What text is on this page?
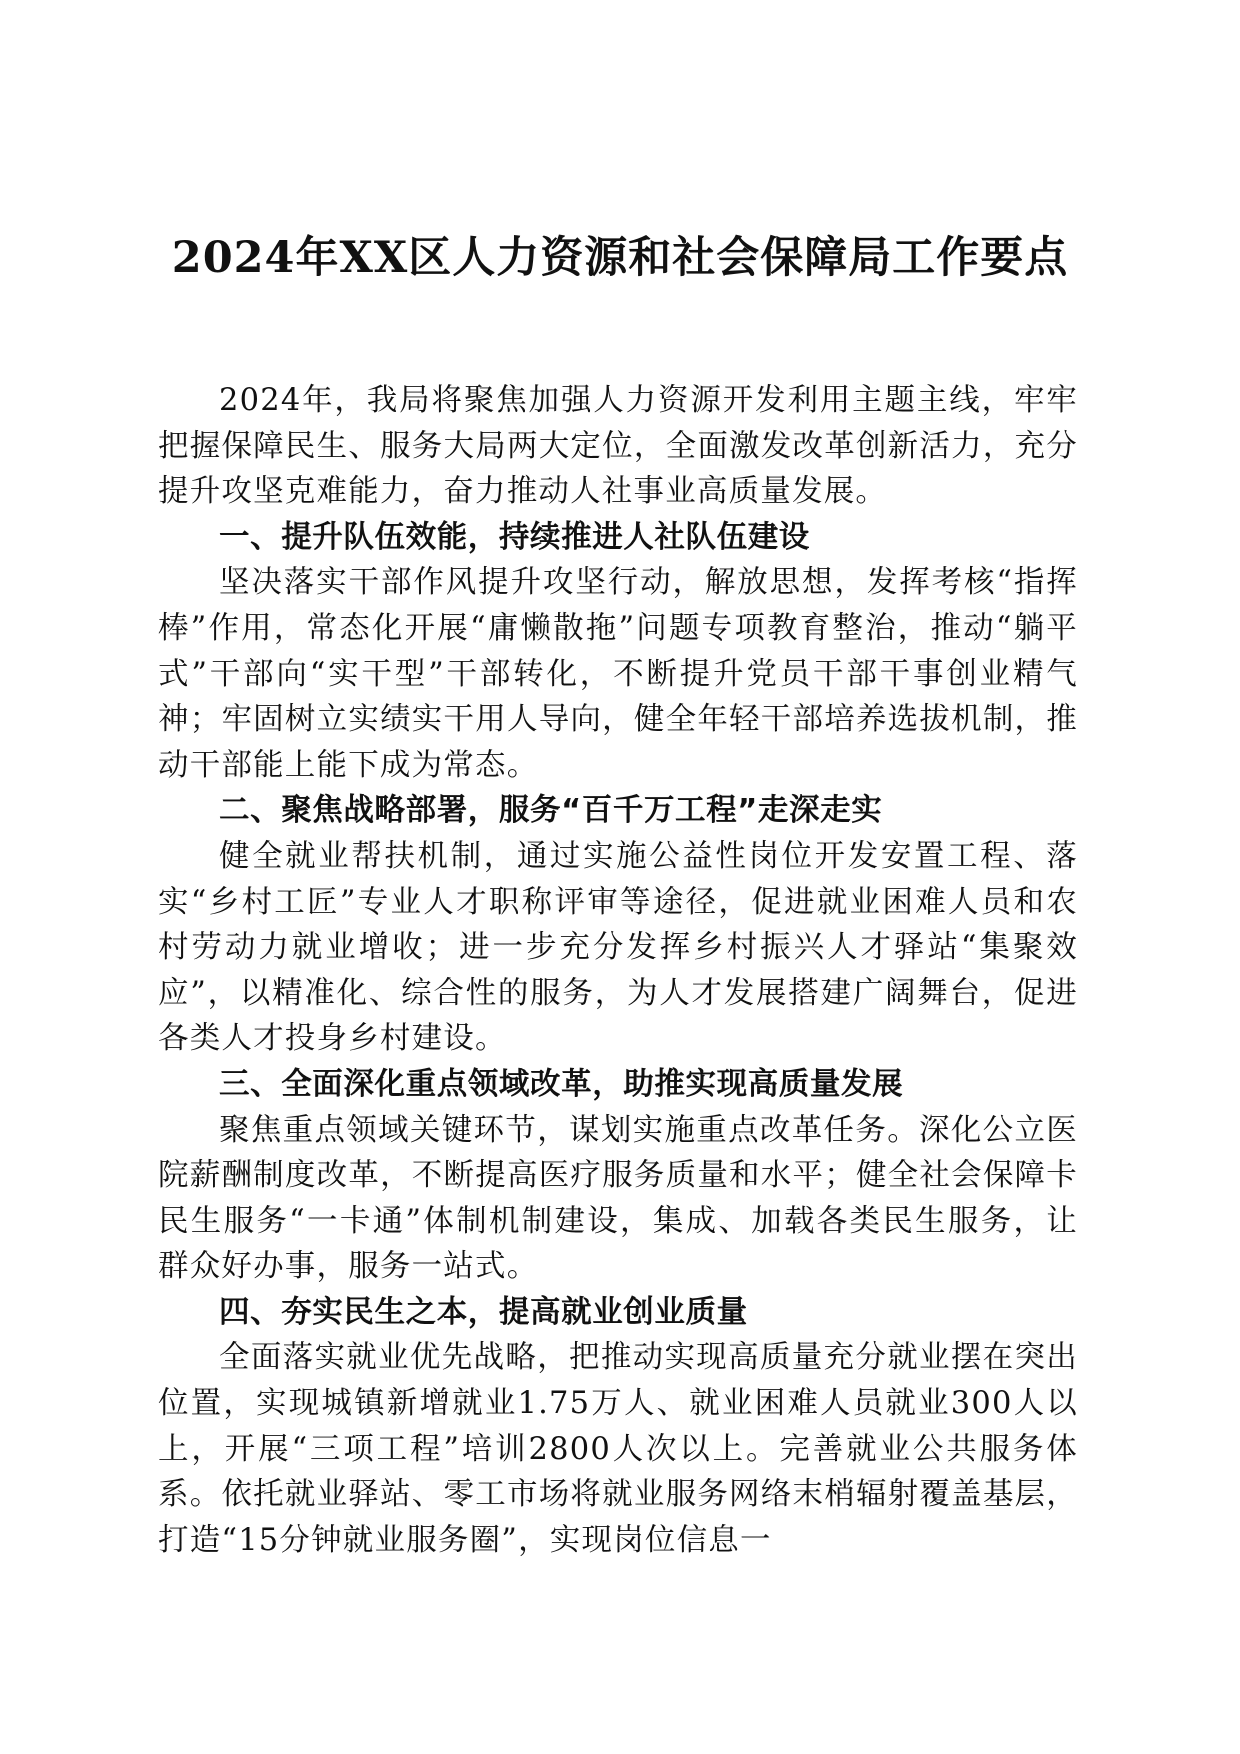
2024年XX区人力资源和社会保障局工作要点

2024年，我局将聚焦加强人力资源开发利用主题主线，牢牢把握保障民生、服务大局两大定位，全面激发改革创新活力，充分提升攻坚克难能力，奋力推动人社事业高质量发展。

一、提升队伍效能，持续推进人社队伍建设

坚决落实干部作风提升攻坚行动，解放思想，发挥考核“指挥棒”作用，常态化开展“庸懒散拖”问题专项教育整治，推动“躺平式”干部向“实干型”干部转化，不断提升党员干部干事创业精气神；牢固树立实绩实干用人导向，健全年轻干部培养选拔机制，推动干部能上能下成为常态。

二、聚焦战略部署，服务“百千万工程”走深走实

健全就业帮扶机制，通过实施公益性岗位开发安置工程、落实“乡村工匠”专业人才职称评审等途径，促进就业困难人员和农村劳动力就业增收；进一步充分发挥乡村振兴人才驿站“集聚效应”，以精准化、综合性的服务，为人才发展搭建广阔舞台，促进各类人才投身乡村建设。

三、全面深化重点领域改革，助推实现高质量发展

聚焦重点领域关键环节，谋划实施重点改革任务。深化公立医院薪酬制度改革，不断提高医疗服务质量和水平；健全社会保障卡民生服务“一卡通”体制机制建设，集成、加载各类民生服务，让群众好办事，服务一站式。

四、夯实民生之本，提高就业创业质量

全面落实就业优先战略，把推动实现高质量充分就业摆在突出位置，实现城镇新增就业1.75万人、就业困难人员就业300人以上，开展“三项工程”培训2800人次以上。完善就业公共服务体系。依托就业驿站、零工市场将就业服务网络末梢辐射覆盖基层，打造“15分钟就业服务圈”，实现岗位信息一
